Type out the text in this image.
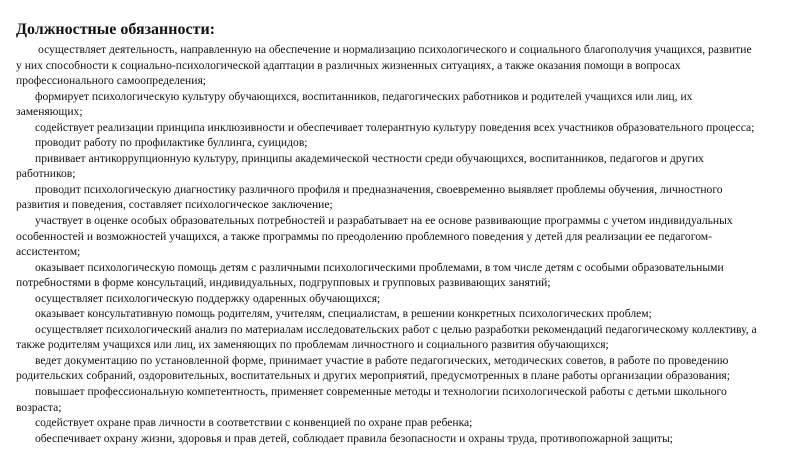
Должностные обязанности:
осуществляет деятельность, направленную на обеспечение и нормализацию психологического и социального благополучия учащихся, развитие
у них способности к социально-психологической адаптации в различных жизненных ситуациях, а также оказания помощи в вопросах
профессионального самоопределения;
формирует психологическую культуру обучающихся, воспитанников, педагогических работников и родителей учащихся или лиц, их
заменяющих;
содействует реализации принципа инклюзивности и обеспечивает толерантную культуру поведения всех участников образовательного процесса;
проводит работу по профилактике буллинга, суицидов;
прививает антикоррупционную культуру, принципы академической честности среди обучающихся, воспитанников, педагогов и других
работников;
проводит психологическую диагностику различного профиля и предназначения, своевременно выявляет проблемы обучения, личностного
развития и поведения, составляет психологическое заключение;
участвует в оценке особых образовательных потребностей и разрабатывает на ее основе развивающие программы с учетом индивидуальных
особенностей и возможностей учащихся, а также программы по преодолению проблемного поведения у детей для реализации ее педагогом-
ассистентом;
оказывает психологическую помощь детям с различными психологическими проблемами, в том числе детям с особыми образовательными
потребностями в форме консультаций, индивидуальных, подгрупповых и групповых развивающих занятий;
осуществляет психологическую поддержку одаренных обучающихся;
оказывает консультативную помощь родителям, учителям, специалистам, в решении конкретных психологических проблем;
осуществляет психологический анализ по материалам исследовательских работ с целью разработки рекомендаций педагогическому коллективу, а
также родителям учащихся или лиц, их заменяющих по проблемам личностного и социального развития обучающихся;
ведет документацию по установленной форме, принимает участие в работе педагогических, методических советов, в работе по проведению
родительских собраний, оздоровительных, воспитательных и других мероприятий, предусмотренных в плане работы организации образования;
повышает профессиональную компетентность, применяет современные методы и технологии психологической работы с детьми школьного
возраста;
содействует охране прав личности в соответствии с конвенцией по охране прав ребенка;
обеспечивает охрану жизни, здоровья и прав детей, соблюдает правила безопасности и охраны труда, противопожарной защиты;
